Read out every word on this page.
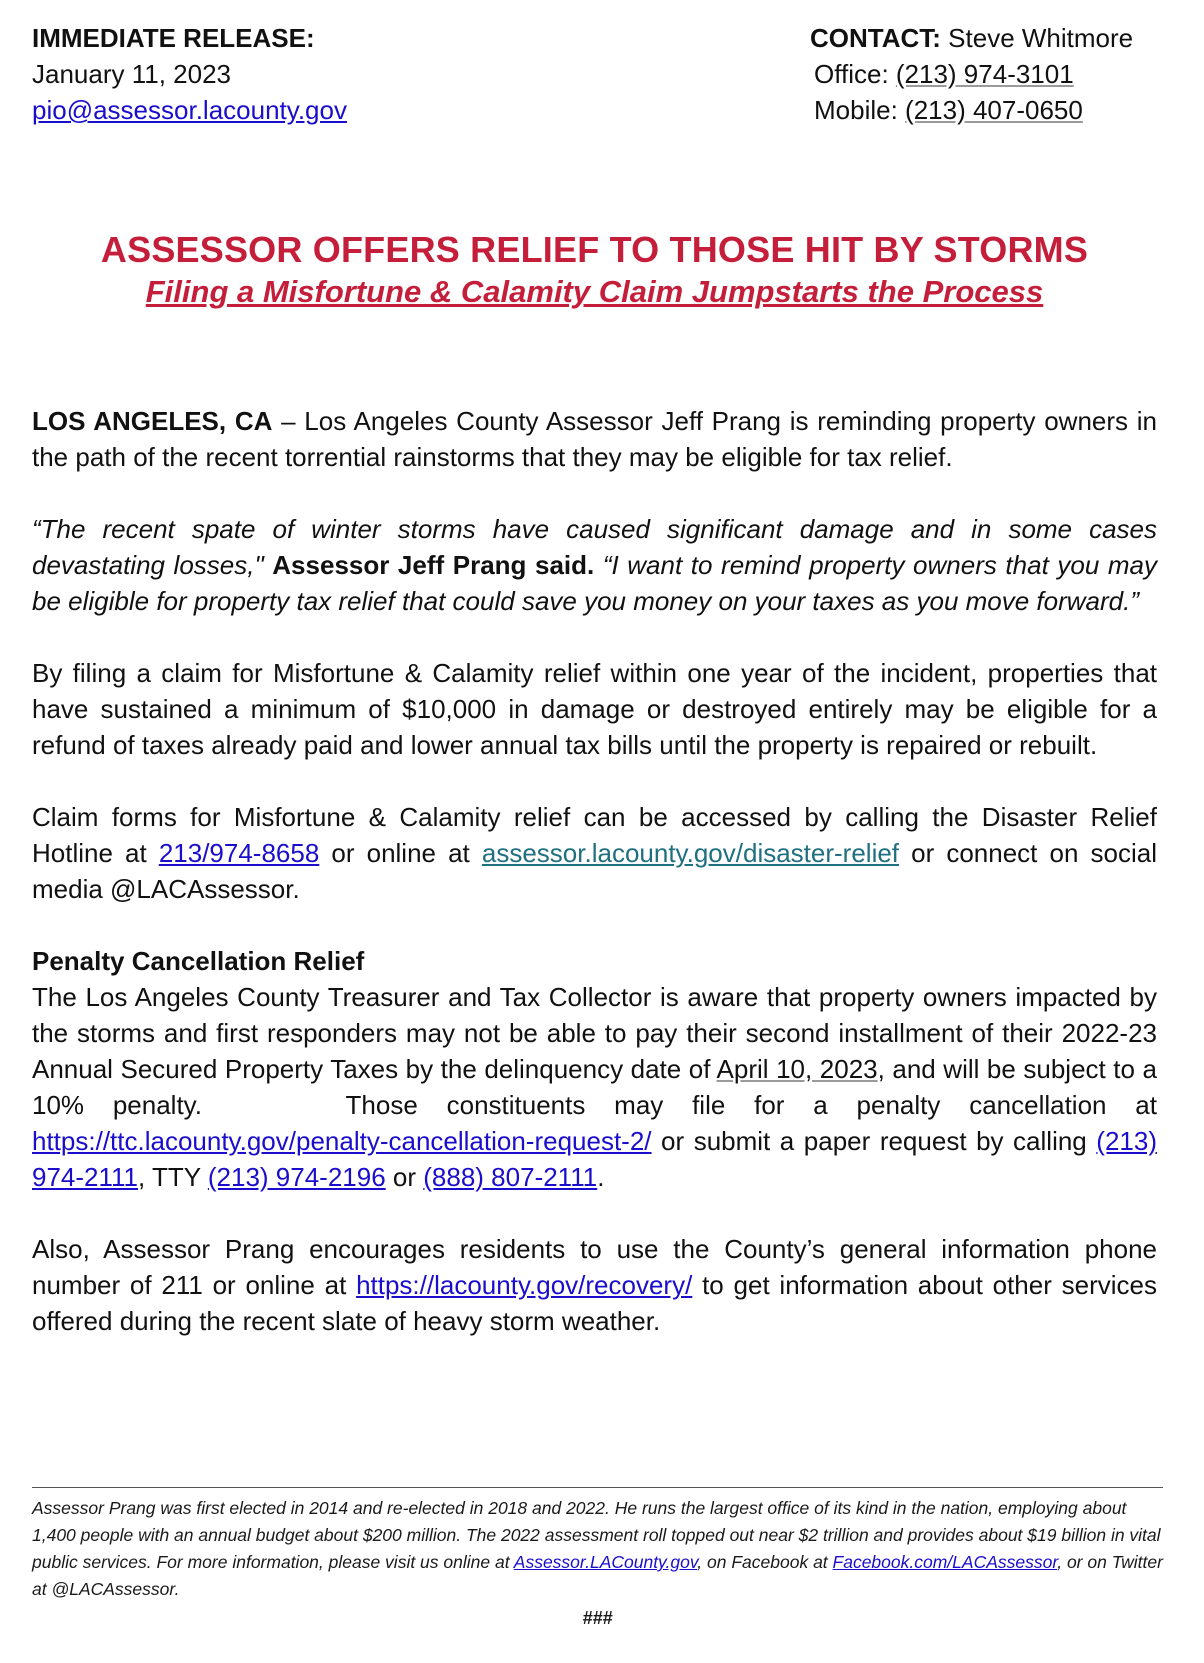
IMMEDIATE RELEASE:
January 11, 2023
pio@assessor.lacounty.gov
CONTACT: Steve Whitmore
Office: (213) 974-3101
Mobile: (213) 407-0650
ASSESSOR OFFERS RELIEF TO THOSE HIT BY STORMS
Filing a Misfortune & Calamity Claim Jumpstarts the Process

LOS ANGELES, CA – Los Angeles County Assessor Jeff Prang is reminding property owners in the path of the recent torrential rainstorms that they may be eligible for tax relief.

“The recent spate of winter storms have caused significant damage and in some cases devastating losses," Assessor Jeff Prang said. “I want to remind property owners that you may be eligible for property tax relief that could save you money on your taxes as you move forward.”

By filing a claim for Misfortune & Calamity relief within one year of the incident, properties that have sustained a minimum of $10,000 in damage or destroyed entirely may be eligible for a refund of taxes already paid and lower annual tax bills until the property is repaired or rebuilt.

Claim forms for Misfortune & Calamity relief can be accessed by calling the Disaster Relief Hotline at 213/974-8658 or online at assessor.lacounty.gov/disaster-relief or connect on social media @LACAssessor.

Penalty Cancellation Relief
The Los Angeles County Treasurer and Tax Collector is aware that property owners impacted by the storms and first responders may not be able to pay their second installment of their 2022-23 Annual Secured Property Taxes by the delinquency date of April 10, 2023, and will be subject to a 10% penalty.     Those constituents may file for a penalty cancellation at https://ttc.lacounty.gov/penalty-cancellation-request-2/ or submit a paper request by calling (213) 974-2111, TTY (213) 974-2196 or (888) 807-2111.

Also, Assessor Prang encourages residents to use the County’s general information phone number of 211 or online at https://lacounty.gov/recovery/ to get information about other services offered during the recent slate of heavy storm weather.

Assessor Prang was first elected in 2014 and re-elected in 2018 and 2022. He runs the largest office of its kind in the nation, employing about 1,400 people with an annual budget about $200 million. The 2022 assessment roll topped out near $2 trillion and provides about $19 billion in vital public services. For more information, please visit us online at Assessor.LACounty.gov, on Facebook at Facebook.com/LACAssessor, or on Twitter at @LACAssessor.

###
